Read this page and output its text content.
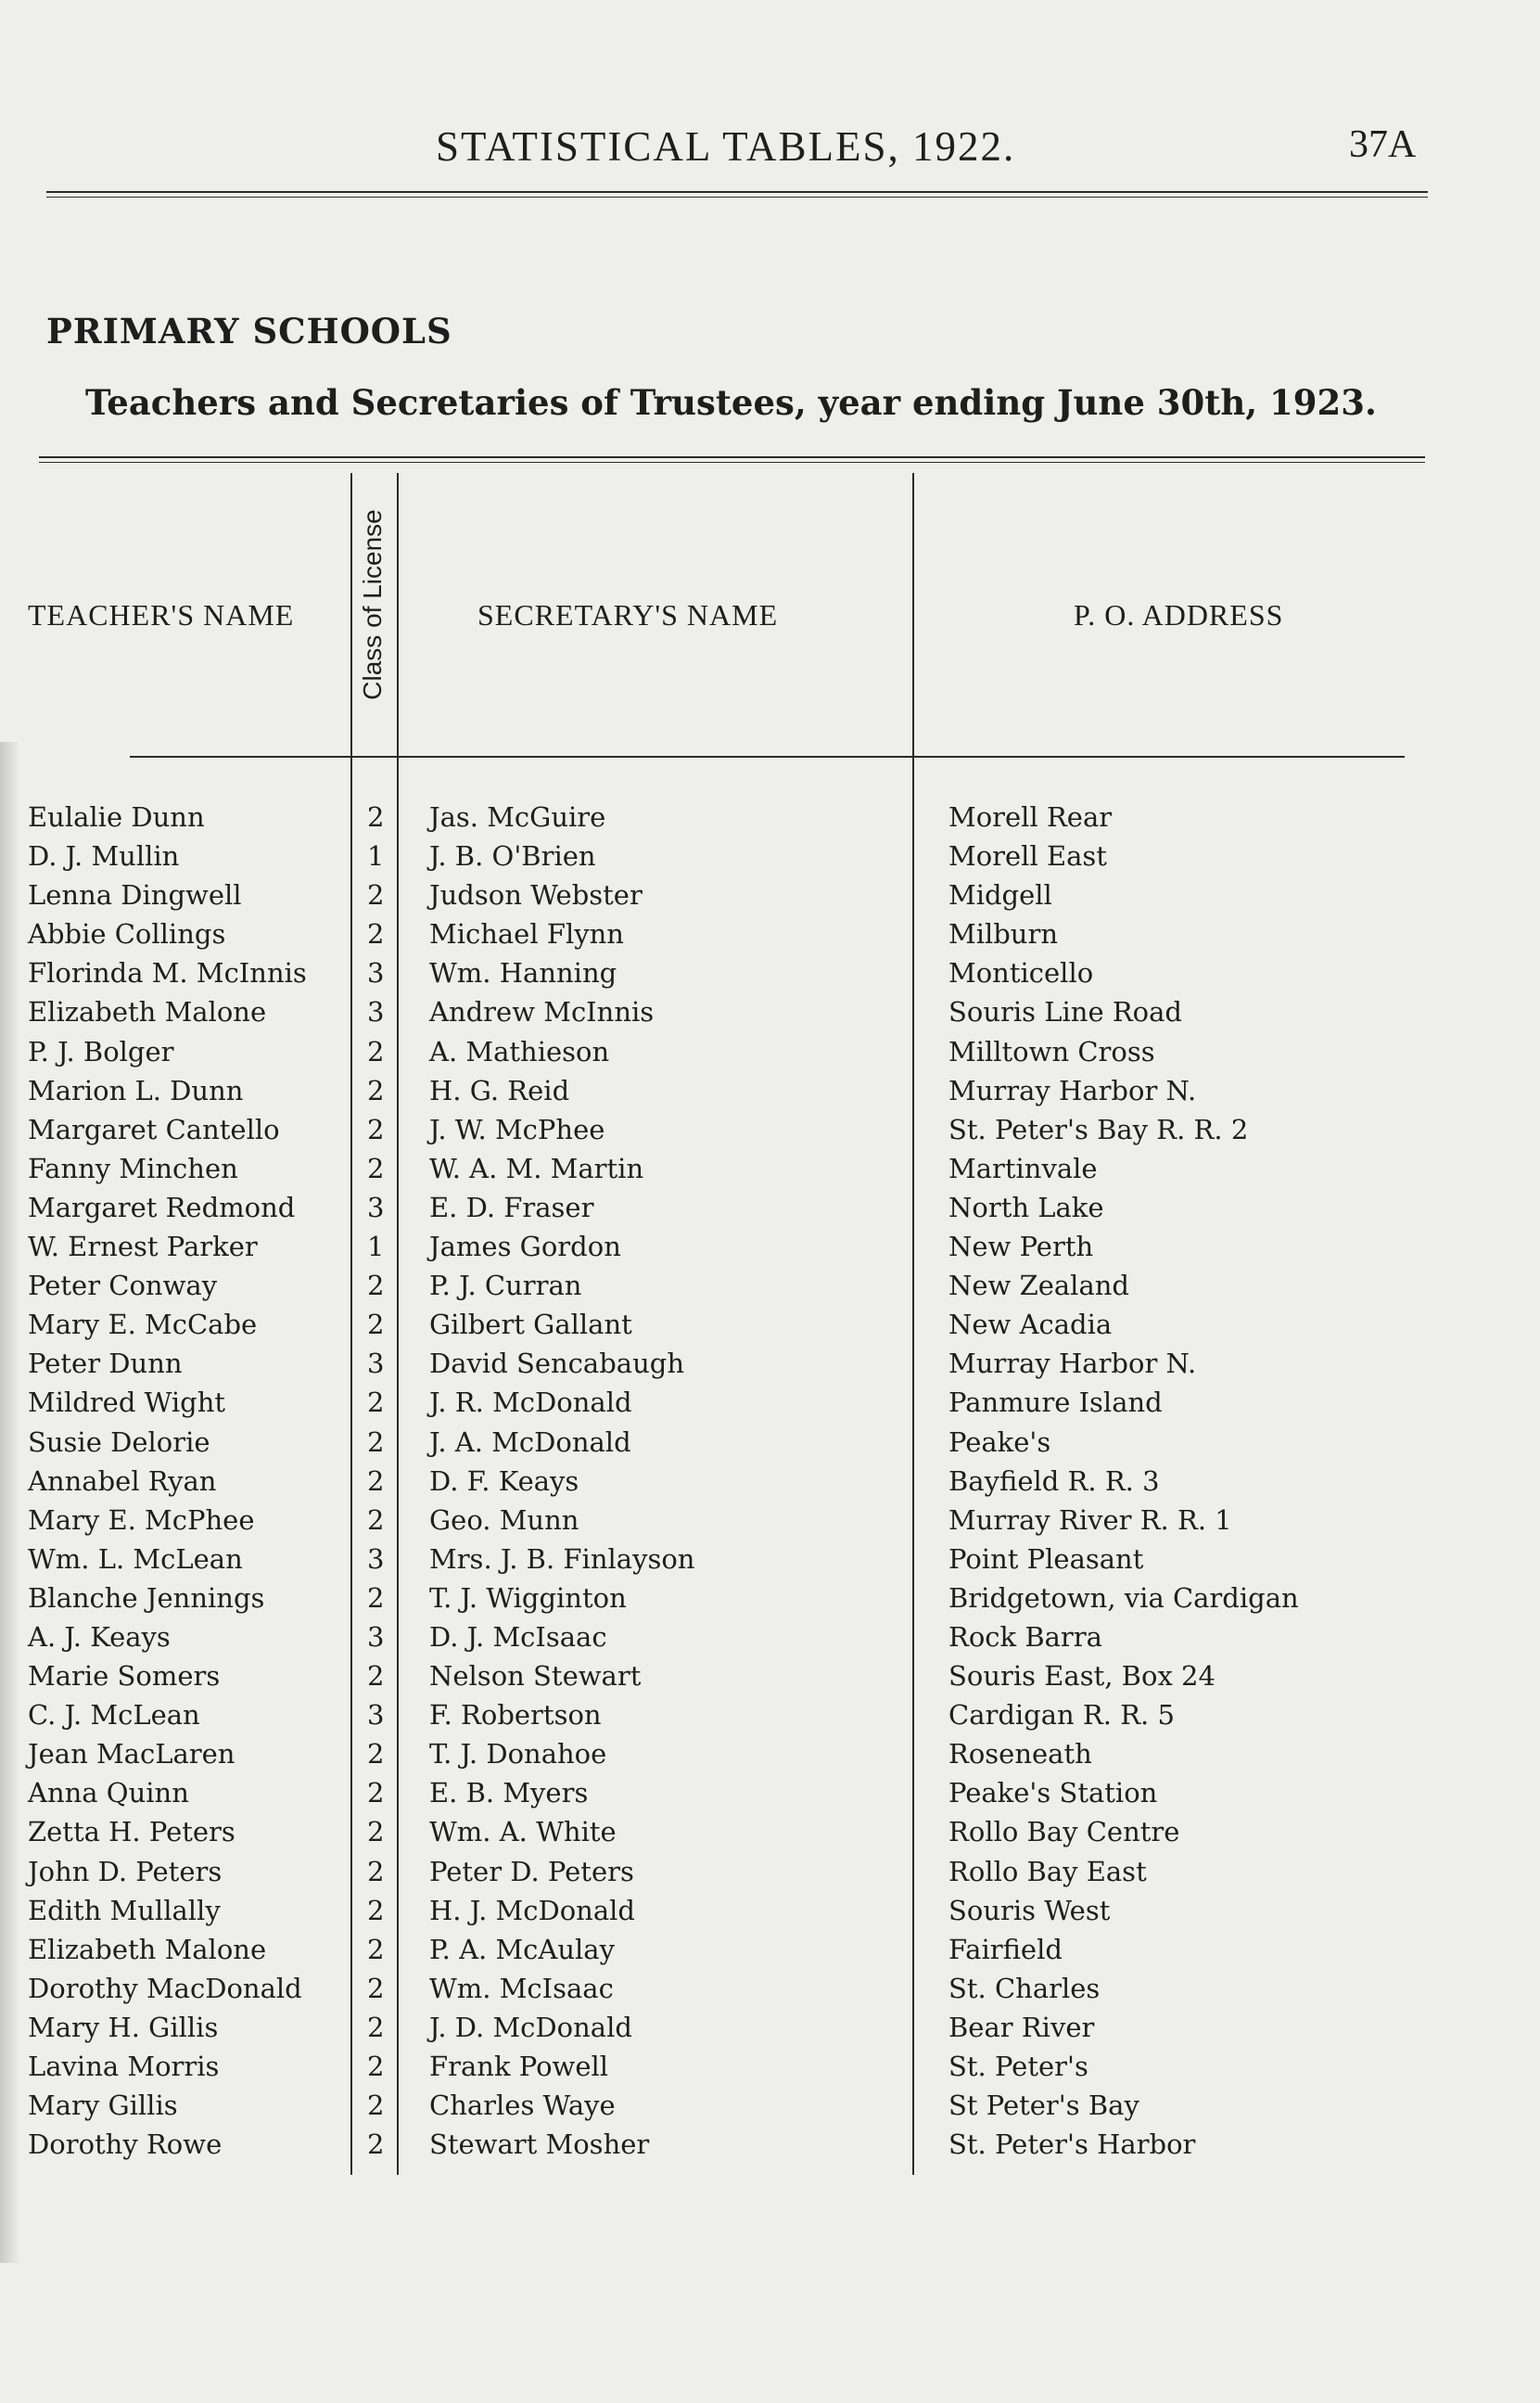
STATISTICAL TABLES, 1922.	37A
PRIMARY SCHOOLS
Teachers and Secretaries of Trustees, year ending June 30th, 1923.
TEACHER'S NAME Class of License	SECRETARY'S NAME	P. O. ADDRESS
Eulalie Dunn	2 Jas. McGuire	Morell Rear
D. J. Mullin	1 J. B. O'Brien	Morell East
Lenna Dingwell	2 Judson Webster	Midgell
Abbie Collings	2 Michael Flynn	Milburn
Florinda M. McInnis 3 Wm. Hanning	Monticello
Elizabeth Malone	3 Andrew McInnis	Souris Line Road
P. J. Bolger	2 A. Mathieson	Milltown Cross
Marion L. Dunn	2 H. G. Reid	Murray Harbor N.
Margaret Cantello	2 J. W. McPhee	St. Peter's Bay R. R. 2
Fanny Minchen	2 W. A. M. Martin	Martinvale
Margaret Redmond	3 E. D. Fraser	North Lake
W. Ernest Parker	1 James Gordon	New Perth
Peter Conway	2 P. J. Curran	New Zealand
Mary E. McCabe	2 Gilbert Gallant	New Acadia
Peter Dunn	3 David Sencabaugh	Murray Harbor N.
Mildred Wight	2 J. R. McDonald	Panmure Island
Susie Delorie	2 J. A. McDonald	Peake's
Annabel Ryan	2 D. F. Keays	Bayfield R. R. 3
Mary E. McPhee	2 Geo. Munn	Murray River R. R. 1
Wm. L. McLean	3 Mrs. J. B. Finlayson	Point Pleasant
Blanche Jennings	2 T. J. Wigginton	Bridgetown, via Cardigan
A. J. Keays	3 D. J. McIsaac	Rock Barra
Marie Somers	2 Nelson Stewart	Souris East, Box 24
C. J. McLean	3 F. Robertson	Cardigan R. R. 5
Jean MacLaren	2 T. J. Donahoe	Roseneath
Anna Quinn	2 E. B. Myers	Peake's Station
Zetta H. Peters	2 Wm. A. White	Rollo Bay Centre
John D. Peters	2 Peter D. Peters	Rollo Bay East
Edith Mullally	2 H. J. McDonald	Souris West
Elizabeth Malone	2 P. A. McAulay	Fairfield
Dorothy MacDonald 2 Wm. McIsaac	St. Charles
Mary H. Gillis	2 J. D. McDonald	Bear River
Lavina Morris	2 Frank Powell	St. Peter's
Mary Gillis	2 Charles Waye	St Peter's Bay
Dorothy Rowe	2 Stewart Mosher	St. Peter's Harbor
